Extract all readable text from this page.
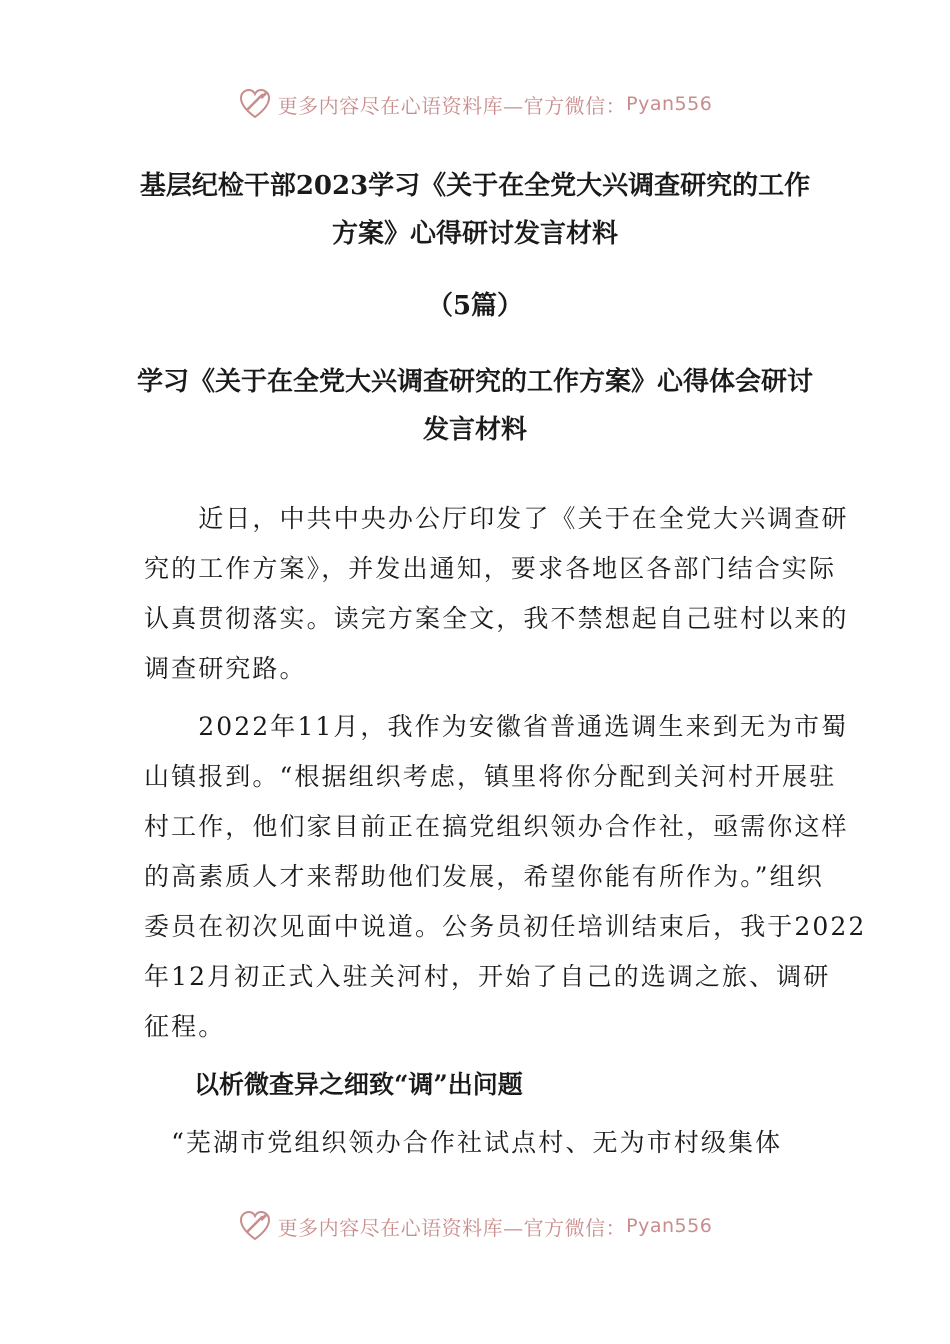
更多内容尽在心语资料库—官方微信： Pyan556
基层纪检干部2023学习《关于在全党大兴调查研究的工作
方案》心得研讨发言材料
（5篇）
学习《关于在全党大兴调查研究的工作方案》心得体会研讨
发言材料
　　近日，中共中央办公厅印发了《关于在全党大兴调查研
究的工作方案》，并发出通知，要求各地区各部门结合实际
认真贯彻落实。读完方案全文，我不禁想起自己驻村以来的
调查研究路。
　　2022年11月，我作为安徽省普通选调生来到无为市蜀
山镇报到。“根据组织考虑，镇里将你分配到关河村开展驻
村工作，他们家目前正在搞党组织领办合作社，亟需你这样
的高素质人才来帮助他们发展，希望你能有所作为。”组织
委员在初次见面中说道。公务员初任培训结束后，我于2022
年12月初正式入驻关河村，开始了自己的选调之旅、调研
征程。
以析微查异之细致“调”出问题
　“芜湖市党组织领办合作社试点村、无为市村级集体
更多内容尽在心语资料库—官方微信： Pyan556
